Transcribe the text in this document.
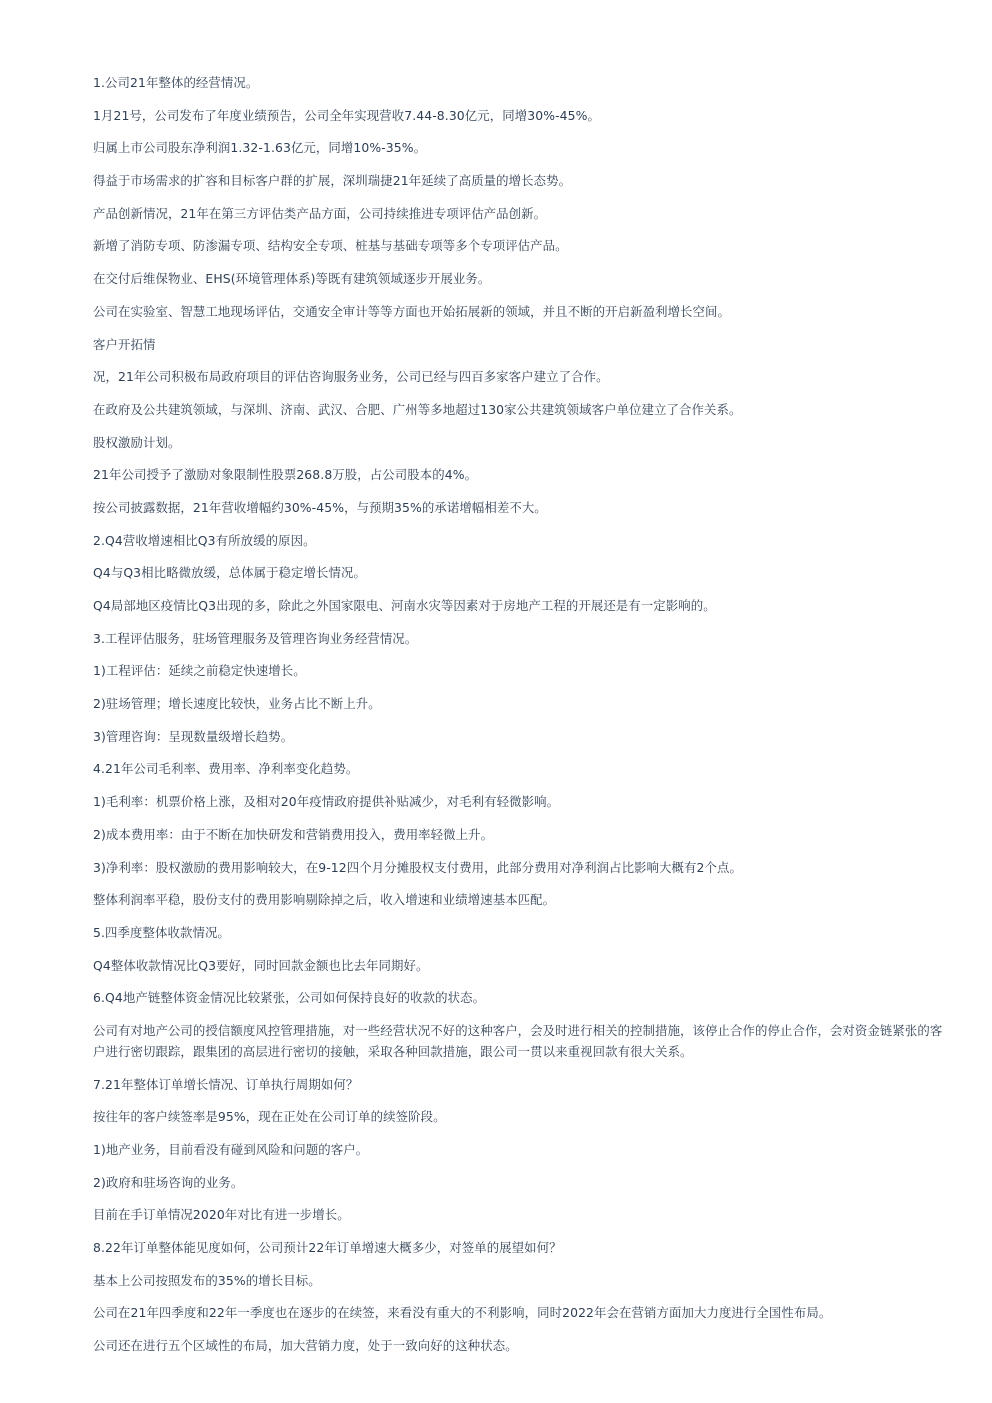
1.公司21年整体的经营情况。

1月21号，公司发布了年度业绩预告，公司全年实现营收7.44-8.30亿元，同增30%-45%。

归属上市公司股东净利润1.32-1.63亿元，同增10%-35%。

得益于市场需求的扩容和目标客户群的扩展，深圳瑞捷21年延续了高质量的增长态势。

产品创新情况，21年在第三方评估类产品方面，公司持续推进专项评估产品创新。

新增了消防专项、防渗漏专项、结构安全专项、桩基与基础专项等多个专项评估产品。

在交付后维保物业、EHS(环境管理体系)等既有建筑领域逐步开展业务。

公司在实验室、智慧工地现场评估，交通安全审计等等方面也开始拓展新的领域，并且不断的开启新盈利增长空间。

客户开拓情

况，21年公司积极布局政府项目的评估咨询服务业务，公司已经与四百多家客户建立了合作。

在政府及公共建筑领域，与深圳、济南、武汉、合肥、广州等多地超过130家公共建筑领域客户单位建立了合作关系。

股权激励计划。

21年公司授予了激励对象限制性股票268.8万股，占公司股本的4%。

按公司披露数据，21年营收增幅约30%-45%，与预期35%的承诺增幅相差不大。

2.Q4营收增速相比Q3有所放缓的原因。

Q4与Q3相比略微放缓，总体属于稳定增长情况。

Q4局部地区疫情比Q3出现的多，除此之外国家限电、河南水灾等因素对于房地产工程的开展还是有一定影响的。

3.工程评估服务，驻场管理服务及管理咨询业务经营情况。

1)工程评估：延续之前稳定快速增长。

2)驻场管理；增长速度比较快，业务占比不断上升。

3)管理咨询：呈现数量级增长趋势。

4.21年公司毛利率、费用率、净利率变化趋势。

1)毛利率：机票价格上涨，及相对20年疫情政府提供补贴减少，对毛利有轻微影响。

2)成本费用率：由于不断在加快研发和营销费用投入，费用率轻微上升。

3)净利率：股权激励的费用影响较大，在9-12四个月分摊股权支付费用，此部分费用对净利润占比影响大概有2个点。

整体利润率平稳，股份支付的费用影响剔除掉之后，收入增速和业绩增速基本匹配。

5.四季度整体收款情况。

Q4整体收款情况比Q3要好，同时回款金额也比去年同期好。

6.Q4地产链整体资金情况比较紧张，公司如何保持良好的收款的状态。

公司有对地产公司的授信额度风控管理措施，对一些经营状况不好的这种客户，会及时进行相关的控制措施，该停止合作的停止合作，会对资金链紧张的客户进行密切跟踪，跟集团的高层进行密切的接触，采取各种回款措施，跟公司一贯以来重视回款有很大关系。

7.21年整体订单增长情况、订单执行周期如何？

按往年的客户续签率是95%，现在正处在公司订单的续签阶段。

1)地产业务，目前看没有碰到风险和问题的客户。

2)政府和驻场咨询的业务。

目前在手订单情况2020年对比有进一步增长。

8.22年订单整体能见度如何，公司预计22年订单增速大概多少，对签单的展望如何？

基本上公司按照发布的35%的增长目标。

公司在21年四季度和22年一季度也在逐步的在续签，来看没有重大的不利影响，同时2022年会在营销方面加大力度进行全国性布局。

公司还在进行五个区域性的布局，加大营销力度，处于一致向好的这种状态。
